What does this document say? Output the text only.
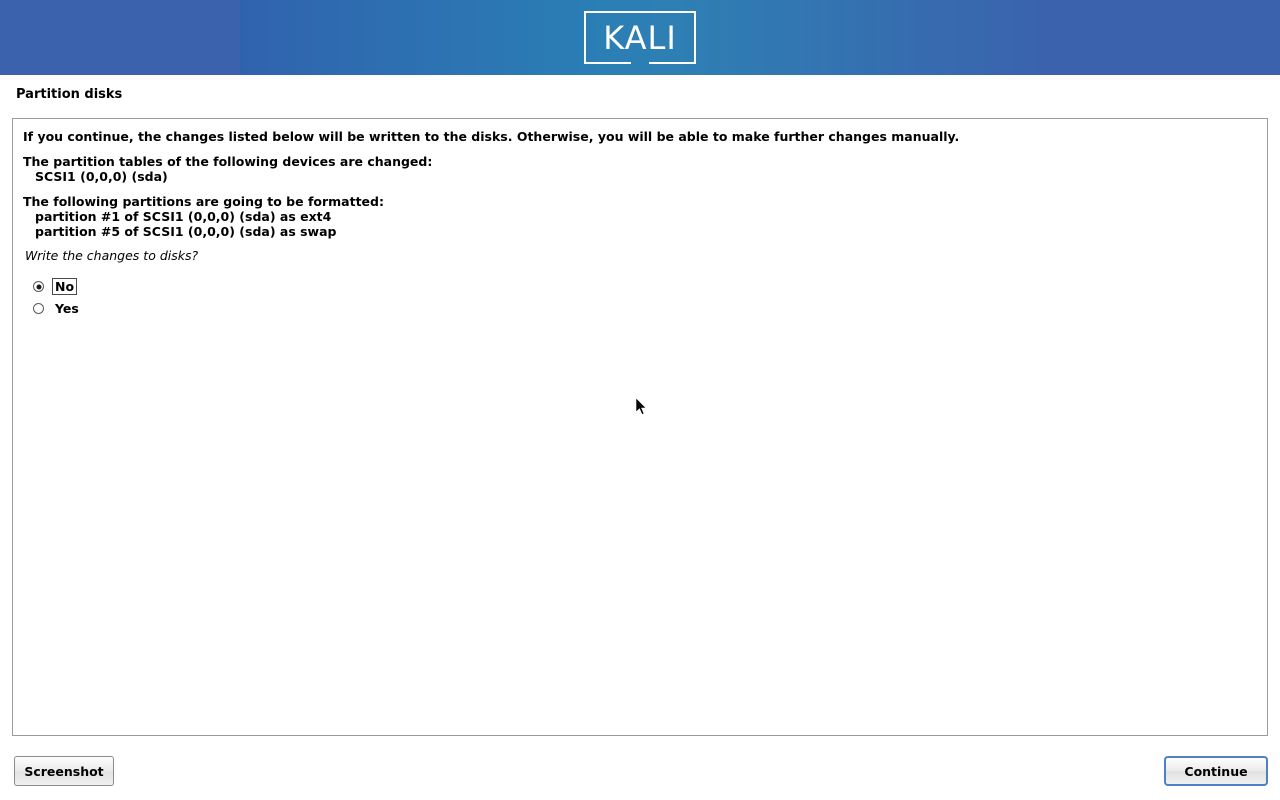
KALI
Partition disks

If you continue, the changes listed below will be written to the disks. Otherwise, you will be able to make further changes manually.

The partition tables of the following devices are changed:

SCSI1 (0,0,0) (sda)

The following partitions are going to be formatted:

partition #1 of SCSI1 (0,0,0) (sda) as ext4

partition #5 of SCSI1 (0,0,0) (sda) as swap

Write the changes to disks?

No
Yes
Screenshot	Continue
